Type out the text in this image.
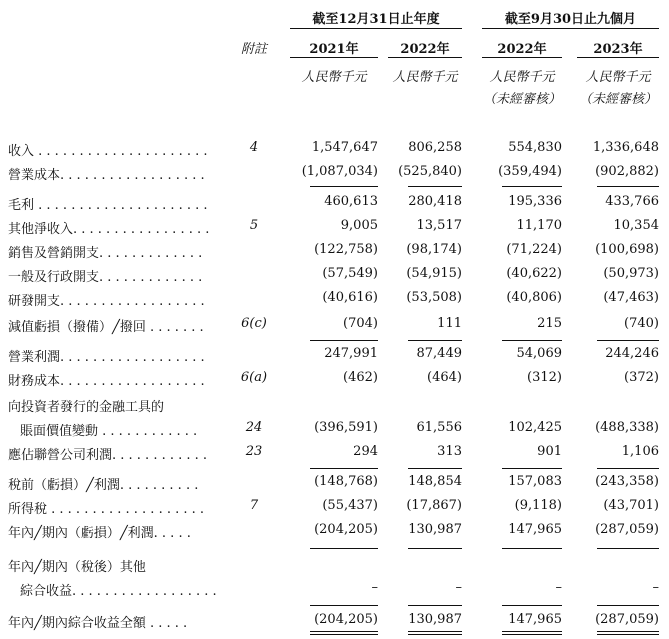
截至12月31日止年度	截至9月30日止九個月
附註	2021年	2022年	2022年	2023年
人民幣千元	人民幣千元	人民幣千元	人民幣千元
（未經審核）	（未經審核）
收入 . . . . . . . . . . . . . . . . . . . . .	4	1,547,647	806,258	554,830	1,336,648
營業成本. . . . . . . . . . . . . . . . . .	(1,087,034)	(525,840)	(359,494)	(902,882)
毛利 . . . . . . . . . . . . . . . . . . . . .	460,613	280,418	195,336	433,766
其他淨收入. . . . . . . . . . . . . . . . .	5	9,005	13,517	11,170	10,354
銷售及營銷開支. . . . . . . . . . . . .	(122,758)	(98,174)	(71,224)	(100,698)
一般及行政開支. . . . . . . . . . . . .	(57,549)	(54,915)	(40,622)	(50,973)
研發開支. . . . . . . . . . . . . . . . . .	(40,616)	(53,508)	(40,806)	(47,463)
減值虧損（撥備）╱撥回 . . . . . . .	6(c)	(704)	111	215	(740)
營業利潤. . . . . . . . . . . . . . . . . .	247,991	87,449	54,069	244,246
財務成本. . . . . . . . . . . . . . . . . .	6(a)	(462)	(464)	(312)	(372)
向投資者發行的金融工具的
賬面價值變動 . . . . . . . . . . . .	24	(396,591)	61,556	102,425	(488,338)
應佔聯營公司利潤. . . . . . . . . . . .	23	294	313	901	1,106
稅前（虧損）╱利潤. . . . . . . . . .	(148,768)	148,854	157,083	(243,358)
所得稅 . . . . . . . . . . . . . . . . . . .	7	(55,437)	(17,867)	(9,118)	(43,701)
年內╱期內（虧損）╱利潤. . . . .	(204,205)	130,987	147,965	(287,059)
年內╱期內（稅後）其他
綜合收益. . . . . . . . . . . . . . . . . .	–	–	–	–
年內╱期內綜合收益全額 . . . . .	(204,205)	130,987	147,965	(287,059)
